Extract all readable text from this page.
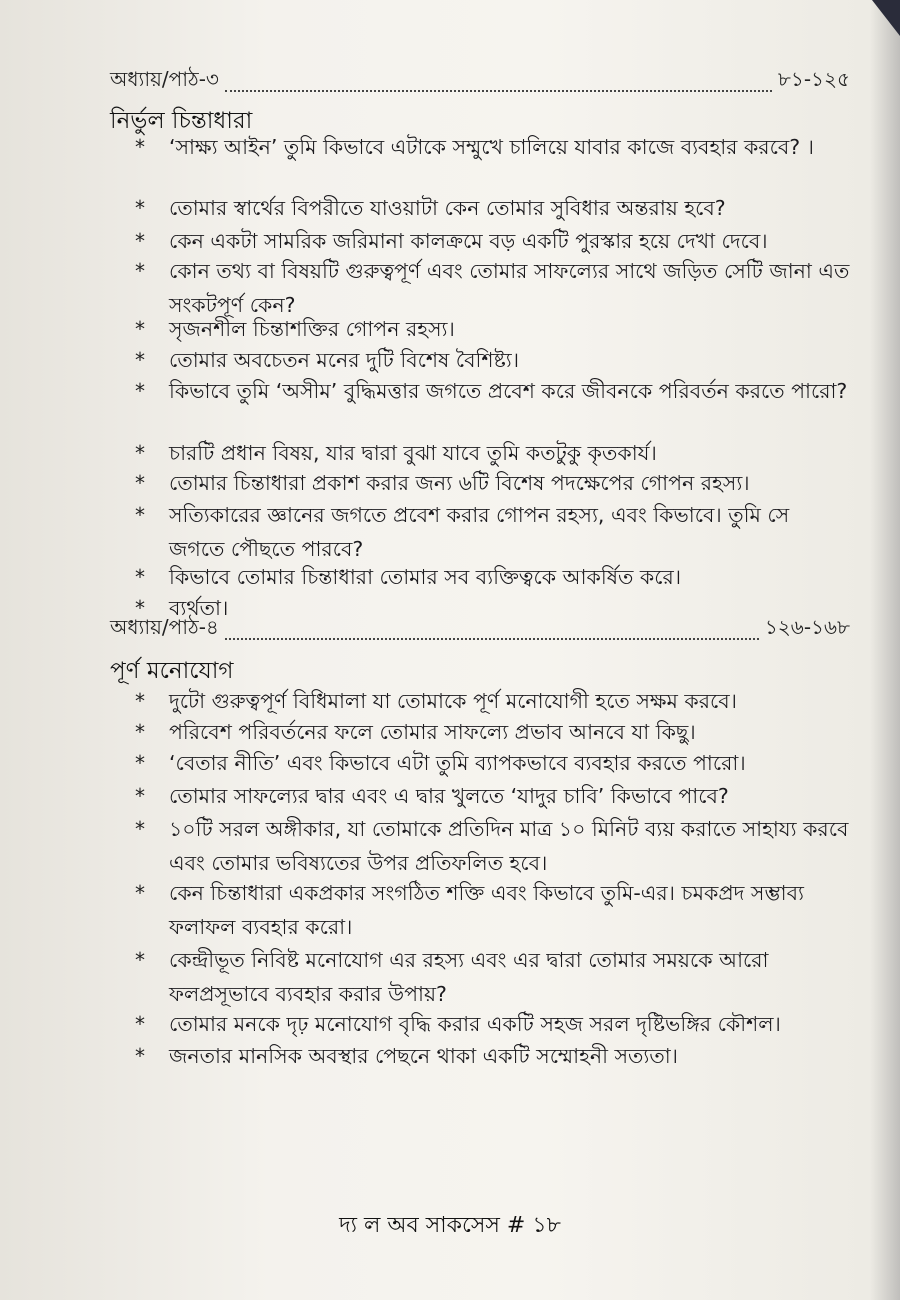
অধ্যায়/পাঠ-৩	৮১-১২৫
নির্ভুল চিন্তাধারা
*	‘সাক্ষ্য আইন’ তুমি কিভাবে এটাকে সম্মুখে চালিয়ে যাবার কাজে ব্যবহার করবে? ।
*	তোমার স্বার্থের বিপরীতে যাওয়াটা কেন তোমার সুবিধার অন্তরায় হবে?
*	কেন একটা সামরিক জরিমানা কালক্রমে বড় একটি পুরস্কার হয়ে দেখা দেবে।
*	কোন তথ্য বা বিষয়টি গুরুত্বপূর্ণ এবং তোমার সাফল্যের সাথে জড়িত সেটি জানা এত সংকটপূর্ণ কেন?
*	সৃজনশীল চিন্তাশক্তির গোপন রহস্য।
*	তোমার অবচেতন মনের দুটি বিশেষ বৈশিষ্ট্য।
*	কিভাবে তুমি ‘অসীম’ বুদ্ধিমত্তার জগতে প্রবেশ করে জীবনকে পরিবর্তন করতে পারো?
*	চারটি প্রধান বিষয়, যার দ্বারা বুঝা যাবে তুমি কতটুকু কৃতকার্য।
*	তোমার চিন্তাধারা প্রকাশ করার জন্য ৬টি বিশেষ পদক্ষেপের গোপন রহস্য।
*	সত্যিকারের জ্ঞানের জগতে প্রবেশ করার গোপন রহস্য, এবং কিভাবে। তুমি সে জগতে পৌছতে পারবে?
*	কিভাবে তোমার চিন্তাধারা তোমার সব ব্যক্তিত্বকে আকর্ষিত করে।
*	ব্যর্থতা।
অধ্যায়/পাঠ-৪	১২৬-১৬৮
পূর্ণ মনোযোগ
*	দুটো গুরুত্বপূর্ণ বিধিমালা যা তোমাকে পূর্ণ মনোযোগী হতে সক্ষম করবে।
*	পরিবেশ পরিবর্তনের ফলে তোমার সাফল্যে প্রভাব আনবে যা কিছু।
*	‘বেতার নীতি’ এবং কিভাবে এটা তুমি ব্যাপকভাবে ব্যবহার করতে পারো।
*	তোমার সাফল্যের দ্বার এবং এ দ্বার খুলতে ‘যাদুর চাবি’ কিভাবে পাবে?
*	১০টি সরল অঙ্গীকার, যা তোমাকে প্রতিদিন মাত্র ১০ মিনিট ব্যয় করাতে সাহায্য করবে এবং তোমার ভবিষ্যতের উপর প্রতিফলিত হবে।
*	কেন চিন্তাধারা একপ্রকার সংগঠিত শক্তি এবং কিভাবে তুমি-এর। চমকপ্রদ সম্ভাব্য ফলাফল ব্যবহার করো।
*	কেন্দ্রীভূত নিবিষ্ট মনোযোগ এর রহস্য এবং এর দ্বারা তোমার সময়কে আরো ফলপ্রসূভাবে ব্যবহার করার উপায়?
*	তোমার মনকে দৃঢ় মনোযোগ বৃদ্ধি করার একটি সহজ সরল দৃষ্টিভঙ্গির কৌশল।
*	জনতার মানসিক অবস্থার পেছনে থাকা একটি সম্মোহনী সত্যতা।
দ্য ল অব সাকসেস # ১৮
